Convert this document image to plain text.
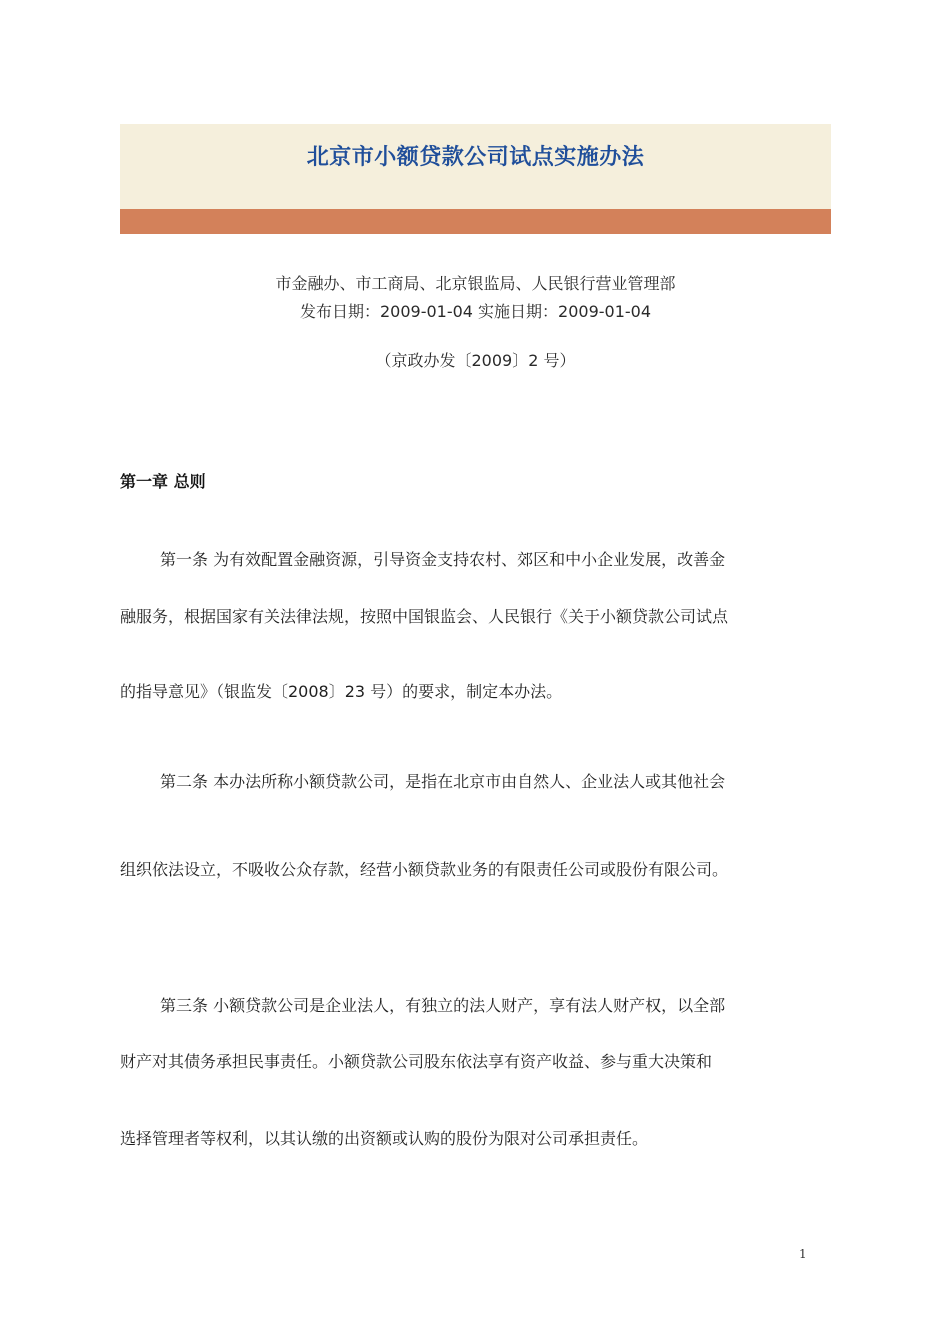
北京市小额贷款公司试点实施办法
市金融办、市工商局、北京银监局、人民银行营业管理部
发布日期：2009-01-04 实施日期：2009-01-04
（京政办发〔2009〕2 号）
第一章 总则
第一条 为有效配置金融资源，引导资金支持农村、郊区和中小企业发展，改善金
融服务，根据国家有关法律法规，按照中国银监会、人民银行《关于小额贷款公司试点
的指导意见》（银监发〔2008〕23 号）的要求，制定本办法。
第二条 本办法所称小额贷款公司，是指在北京市由自然人、企业法人或其他社会
组织依法设立，不吸收公众存款，经营小额贷款业务的有限责任公司或股份有限公司。
第三条 小额贷款公司是企业法人，有独立的法人财产，享有法人财产权，以全部
财产对其债务承担民事责任。小额贷款公司股东依法享有资产收益、参与重大决策和
选择管理者等权利，以其认缴的出资额或认购的股份为限对公司承担责任。
1
